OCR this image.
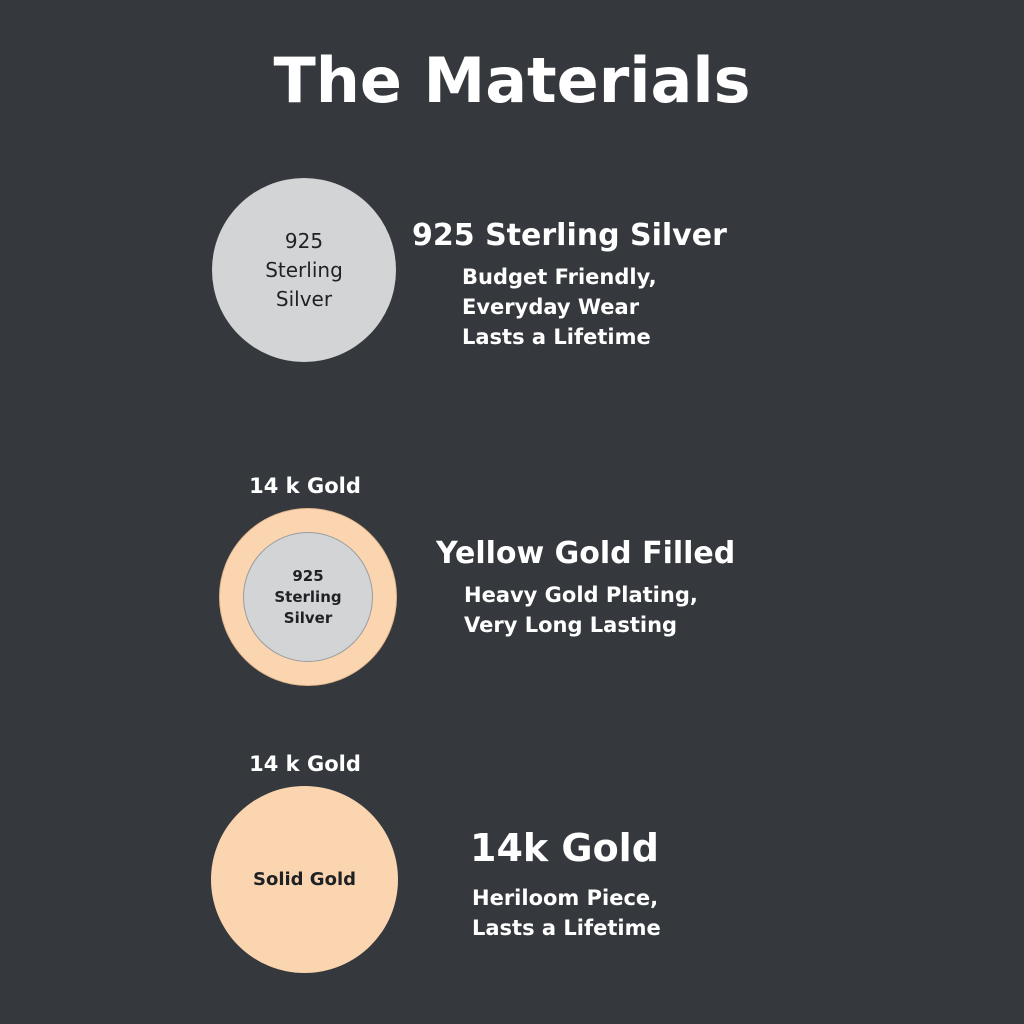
The Materials
925
Sterling
Silver
925 Sterling Silver
Budget Friendly,
Everyday Wear
Lasts a Lifetime
14 k Gold
925
Sterling
Silver
Yellow Gold Filled
Heavy Gold Plating,
Very Long Lasting
14 k Gold
Solid Gold
14k Gold
Heriloom Piece,
Lasts a Lifetime
